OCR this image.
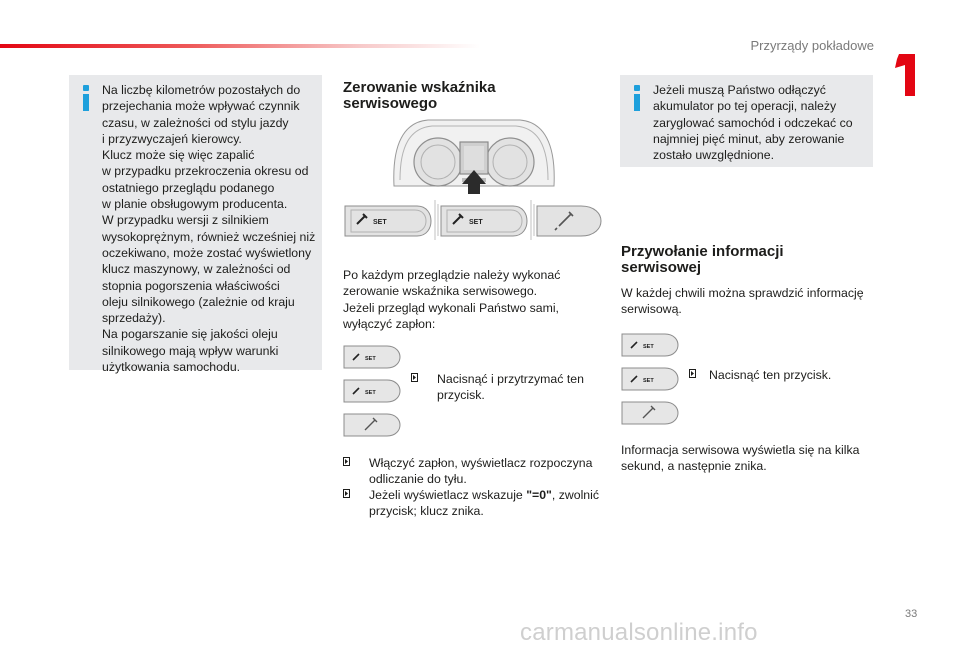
Przyrządy pokładowe

Na liczbę kilometrów pozostałych do

przejechania może wpływać czynnik

czasu, w zależności od stylu jazdy

i przyzwyczajeń kierowcy.

Klucz może się więc zapalić

w przypadku przekroczenia okresu od

ostatniego przeglądu podanego

w planie obsługowym producenta.

W przypadku wersji z silnikiem

wysokoprężnym, również wcześniej niż

oczekiwano, może zostać wyświetlony

klucz maszynowy, w zależności od

stopnia pogorszenia właściwości

oleju silnikowego (zależnie od kraju

sprzedaży).

Na pogarszanie się jakości oleju

silnikowego mają wpływ warunki

użytkowania samochodu.

Zerowanie wskaźnika
serwisowego
SET	SET

Po każdym przeglądzie należy wykonać

zerowanie wskaźnika serwisowego.

Jeżeli przegląd wykonali Państwo sami,

wyłączyć zapłon:

SET
SET
Nacisnąć i przytrzymać ten
przycisk.
Włączyć zapłon, wyświetlacz rozpoczyna
odliczanie do tyłu.
Jeżeli wyświetlacz wskazuje "=0", zwolnić
przycisk; klucz znika.

Jeżeli muszą Państwo odłączyć

akumulator po tej operacji, należy

zaryglować samochód i odczekać co

najmniej pięć minut, aby zerowanie

zostało uwzględnione.

Przywołanie informacji
serwisowej

W każdej chwili można sprawdzić informację

serwisową.

SET
SET	Nacisnąć ten przycisk.

Informacja serwisowa wyświetla się na kilka

sekund, a następnie znika.

33
carmanualsonline.info
